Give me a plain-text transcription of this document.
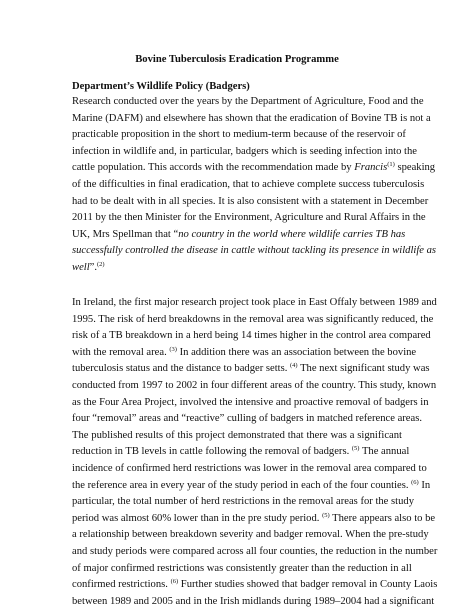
Bovine Tuberculosis Eradication Programme
Department’s Wildlife Policy (Badgers)
Research conducted over the years by the Department of Agriculture, Food and the
Marine (DAFM) and elsewhere has shown that the eradication of Bovine TB is not a
practicable proposition in the short to medium-term because of the reservoir of
infection in wildlife and, in particular, badgers which is seeding infection into the
cattle population. This accords with the recommendation made by Francis$^{(1)}$ speaking
of the difficulties in final eradication, that to achieve complete success tuberculosis
had to be dealt with in all species. It is also consistent with a statement in December
2011 by the then Minister for the Environment, Agriculture and Rural Affairs in the
UK, Mrs Spellman that “no country in the world where wildlife carries TB has
successfully controlled the disease in cattle without tackling its presence in wildlife as
well”.$^{(2)}$
In Ireland, the first major research project took place in East Offaly between 1989 and
1995. The risk of herd breakdowns in the removal area was significantly reduced, the
risk of a TB breakdown in a herd being 14 times higher in the control area compared
with the removal area. $^{(3)}$ In addition there was an association between the bovine
tuberculosis status and the distance to badger setts. $^{(4)}$ The next significant study was
conducted from 1997 to 2002 in four different areas of the country. This study, known
as the Four Area Project, involved the intensive and proactive removal of badgers in
four “removal” areas and “reactive” culling of badgers in matched reference areas.
The published results of this project demonstrated that there was a significant
reduction in TB levels in cattle following the removal of badgers. $^{(5)}$ The annual
incidence of confirmed herd restrictions was lower in the removal area compared to
the reference area in every year of the study period in each of the four counties. $^{(6)}$ In
particular, the total number of herd restrictions in the removal areas for the study
period was almost 60% lower than in the pre study period. $^{(5)}$ There appears also to be
a relationship between breakdown severity and badger removal. When the pre-study
and study periods were compared across all four counties, the reduction in the number
of major confirmed restrictions was consistently greater than the reduction in all
confirmed restrictions. $^{(6)}$ Further studies showed that badger removal in County Laois
between 1989 and 2005 and in the Irish midlands during 1989–2004 had a significant
